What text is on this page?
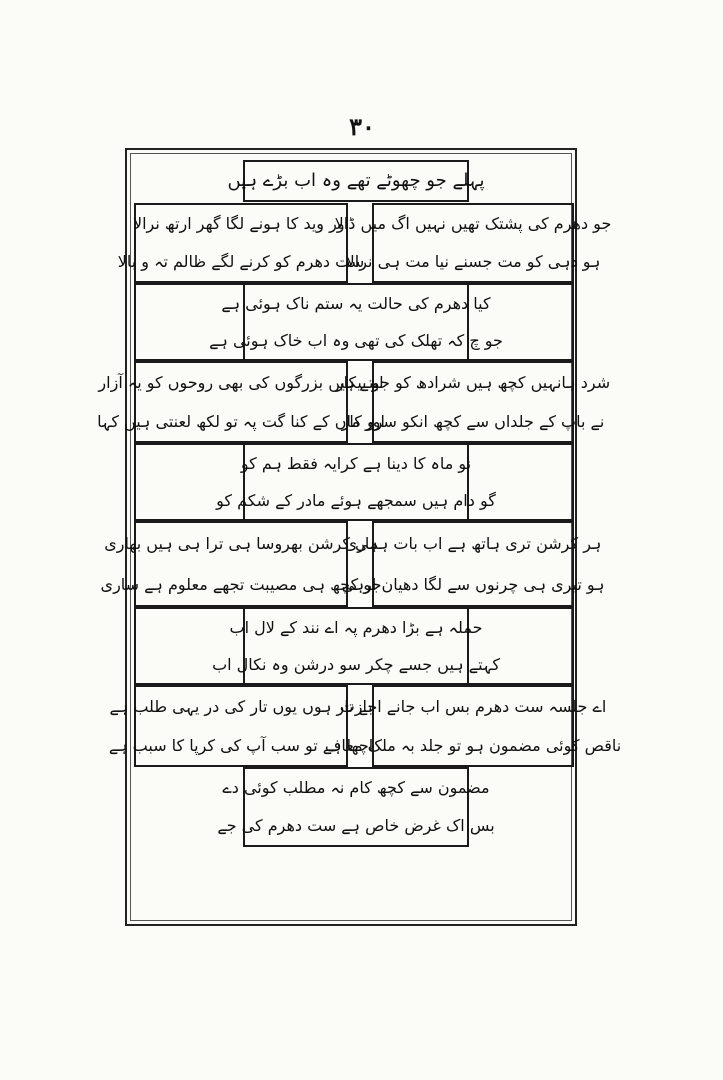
۳۰
پہلے جو چھوٹے تھے وہ اب بڑے ہیں
جو دھرم کی پشتک تھیں نہیں اگ میں ڈالا
ہو دہی کو مت جسنے نیا مت ہی نرالا
اور وید کا ہونے لگا گھر ارتھ نرالا
ست دھرم کو کرنے لگے ظالم تہ و بالا
کیا دھرم کی حالت یہ ستم ناک ہوئی ہے
جو چ کہ تھلک کی تھی وہ اب خاک ہوئی ہے
شرد ہانہیں کچھ ہیں شرادھ کو جو بیکار
نے باپ کے جلداں سے کچھ انکو سرو کار
لیتے ہیں بزرگوں کی بھی روحوں کو یہ آزار
اور ماں کے کنا گت پہ تو لکھ لعنتی ہیں کہا
نو ماہ کا دینا ہے کرایہ فقط ہم کو
گو دام ہیں سمجھے ہوئے مادر کے شکم کو
ہر کرشن تری ہاتھ ہے اب بات ہماری
ہو تیری ہی چرنوں سے لگا دھیان ارہی
ہی کرشن بھروسا ہی ترا ہی ہیں بھاری
جو کچھ ہی مصیبت تجھے معلوم ہے ساری
حملہ ہے بڑا دھرم پہ اے نند کے لال اب
کہتے ہیں جسے چکر سو درشن وہ نکال اب
اے جلسہ ست دھرم بس اب جانے اجازت
ناقص کوئی مضمون ہو تو جلد بہ ملک معاف
بے تار ہوں یوں تار کی در یہی طلب ہے
اچھا ہے تو سب آپ کی کرپا کا سبب ہے
مضمون سے کچھ کام نہ مطلب کوئی دے
بس اک غرض خاص ہے ست دھرم کی جے
